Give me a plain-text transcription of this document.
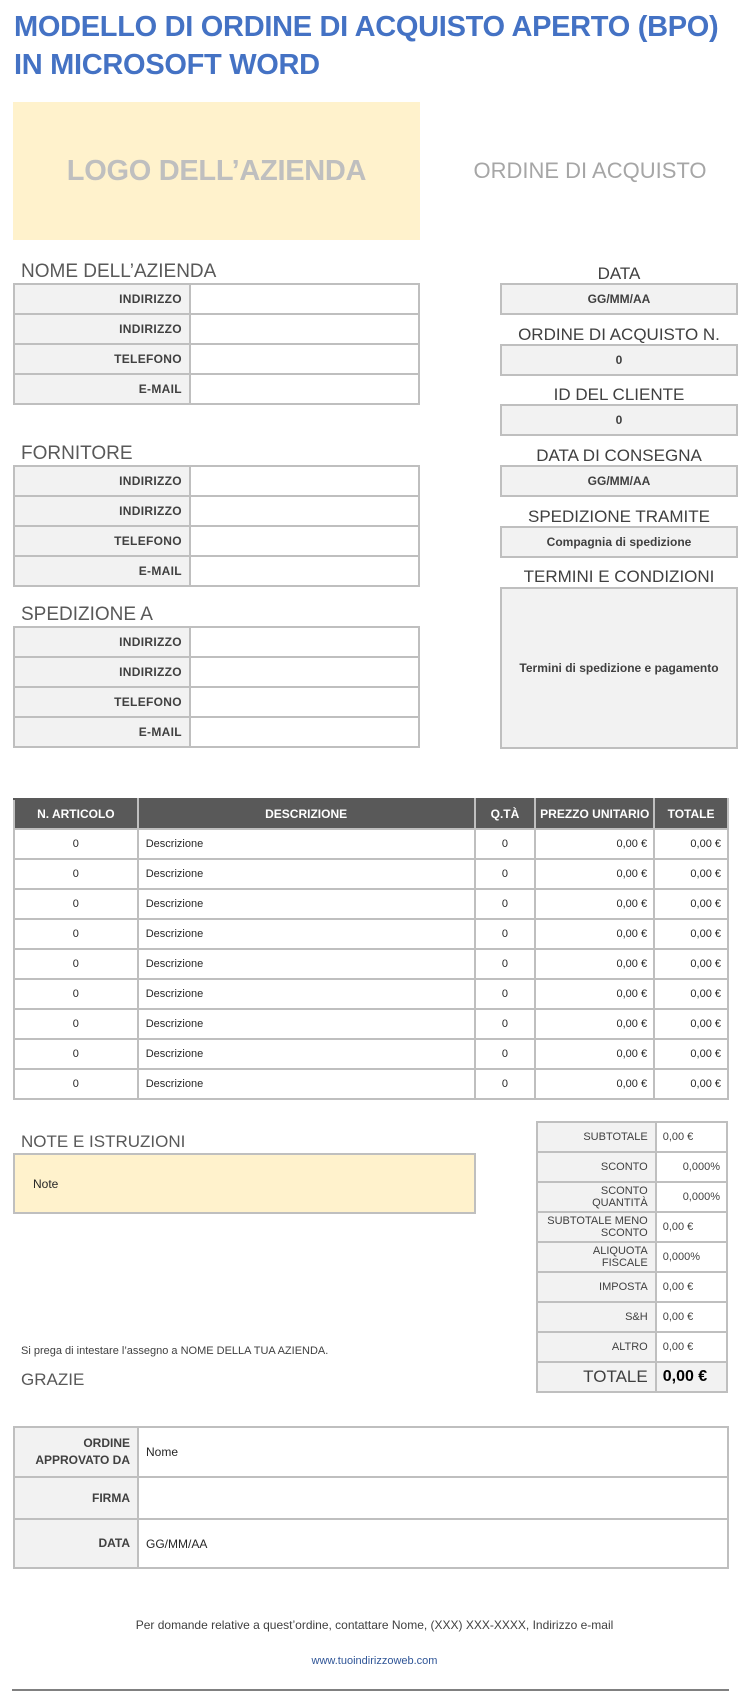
MODELLO DI ORDINE DI ACQUISTO APERTO (BPO) IN MICROSOFT WORD
LOGO DELL’AZIENDA	ORDINE DI ACQUISTO
NOME DELL’AZIENDA
INDIRIZZO	
INDIRIZZO	
TELEFONO	
E-MAIL	
FORNITORE
INDIRIZZO	
INDIRIZZO	
TELEFONO	
E-MAIL	
SPEDIZIONE A
INDIRIZZO	
INDIRIZZO	
TELEFONO	
E-MAIL	
DATA
GG/MM/AA
ORDINE DI ACQUISTO N.
0
ID DEL CLIENTE
0
DATA DI CONSEGNA
GG/MM/AA
SPEDIZIONE TRAMITE
Compagnia di spedizione
TERMINI E CONDIZIONI
Termini di spedizione e pagamento
N. ARTICOLO	DESCRIZIONE	Q.TÀ	PREZZO UNITARIO	TOTALE
0	Descrizione	0	0,00 €	0,00 €
0	Descrizione	0	0,00 €	0,00 €
0	Descrizione	0	0,00 €	0,00 €
0	Descrizione	0	0,00 €	0,00 €
0	Descrizione	0	0,00 €	0,00 €
0	Descrizione	0	0,00 €	0,00 €
0	Descrizione	0	0,00 €	0,00 €
0	Descrizione	0	0,00 €	0,00 €
0	Descrizione	0	0,00 €	0,00 €
NOTE E ISTRUZIONI
Note
SUBTOTALE	0,00 €
SCONTO	0,000%
SCONTO
QUANTITÀ	0,000%
SUBTOTALE MENO
SCONTO	0,00 €
ALIQUOTA
FISCALE	0,000%
IMPOSTA	0,00 €
S&H	0,00 €
ALTRO	0,00 €
TOTALE	0,00 €
Si prega di intestare l’assegno a NOME DELLA TUA AZIENDA.
GRAZIE
ORDINE
APPROVATO DA	Nome
FIRMA	
DATA	GG/MM/AA
Per domande relative a quest’ordine, contattare Nome, (XXX) XXX-XXXX, Indirizzo e-mail
www.tuoindirizzoweb.com
